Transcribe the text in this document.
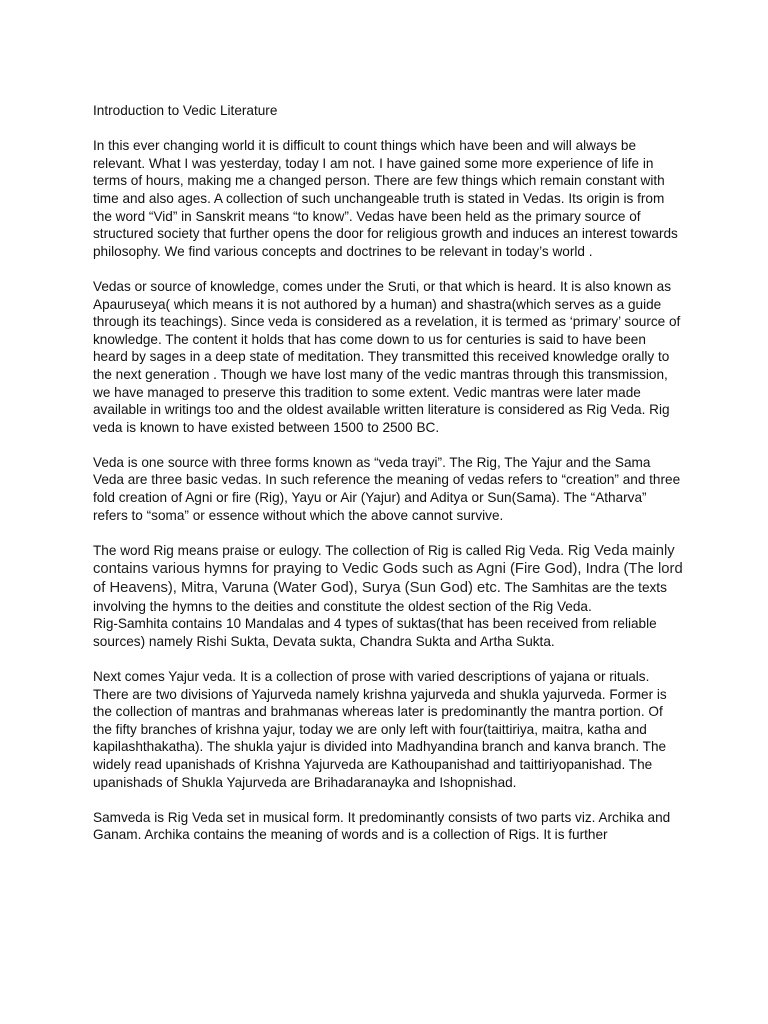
Introduction to Vedic Literature

In this ever changing world it is difficult to count things which have been and will always be relevant. What I was yesterday, today I am not. I have gained some more experience of life in terms of hours, making me a changed person. There are few things which remain constant with time and also ages. A collection of such unchangeable truth is stated in Vedas. Its origin is from the word “Vid” in Sanskrit means “to know”. Vedas have been held as the primary source of structured society that further opens the door for religious growth and induces an interest towards philosophy. We find various concepts and doctrines to be relevant in today’s world .

Vedas or source of knowledge, comes under the Sruti, or that which is heard. It is also known as Apauruseya( which means it is not authored by a human) and shastra(which serves as a guide through its teachings). Since veda is considered as a revelation, it is termed as ‘primary’ source of knowledge. The content it holds that has come down to us for centuries is said to have been heard by sages in a deep state of meditation. They transmitted this received knowledge orally to the next generation . Though we have lost many of the vedic mantras through this transmission, we have managed to preserve this tradition to some extent. Vedic mantras were later made available in writings too and the oldest available written literature is considered as Rig Veda. Rig veda is known to have existed between 1500 to 2500 BC.

Veda is one source with three forms known as “veda trayi”. The Rig, The Yajur and the Sama Veda are three basic vedas. In such reference the meaning of vedas refers to “creation” and three fold creation of Agni or fire (Rig), Yayu or Air (Yajur) and Aditya or Sun(Sama). The “Atharva” refers to “soma” or essence without which the above cannot survive.

The word Rig means praise or eulogy. The collection of Rig is called Rig Veda. Rig Veda mainly contains various hymns for praying to Vedic Gods such as Agni (Fire God), Indra (The lord of Heavens), Mitra, Varuna (Water God), Surya (Sun God) etc. The Samhitas are the texts involving the hymns to the deities and constitute the oldest section of the Rig Veda.

Rig-Samhita contains 10 Mandalas and 4 types of suktas(that has been received from reliable sources) namely Rishi Sukta, Devata sukta, Chandra Sukta and Artha Sukta.

Next comes Yajur veda. It is a collection of prose with varied descriptions of yajana or rituals. There are two divisions of Yajurveda namely krishna yajurveda and shukla yajurveda. Former is the collection of mantras and brahmanas whereas later is predominantly the mantra portion. Of the fifty branches of krishna yajur, today we are only left with four(taittiriya, maitra, katha and kapilashthakatha). The shukla yajur is divided into Madhyandina branch and kanva branch. The widely read upanishads of Krishna Yajurveda are Kathoupanishad and taittiriyopanishad. The upanishads of Shukla Yajurveda are Brihadaranayka and Ishopnishad.

Samveda is Rig Veda set in musical form. It predominantly consists of two parts viz. Archika and Ganam. Archika contains the meaning of words and is a collection of Rigs. It is further
